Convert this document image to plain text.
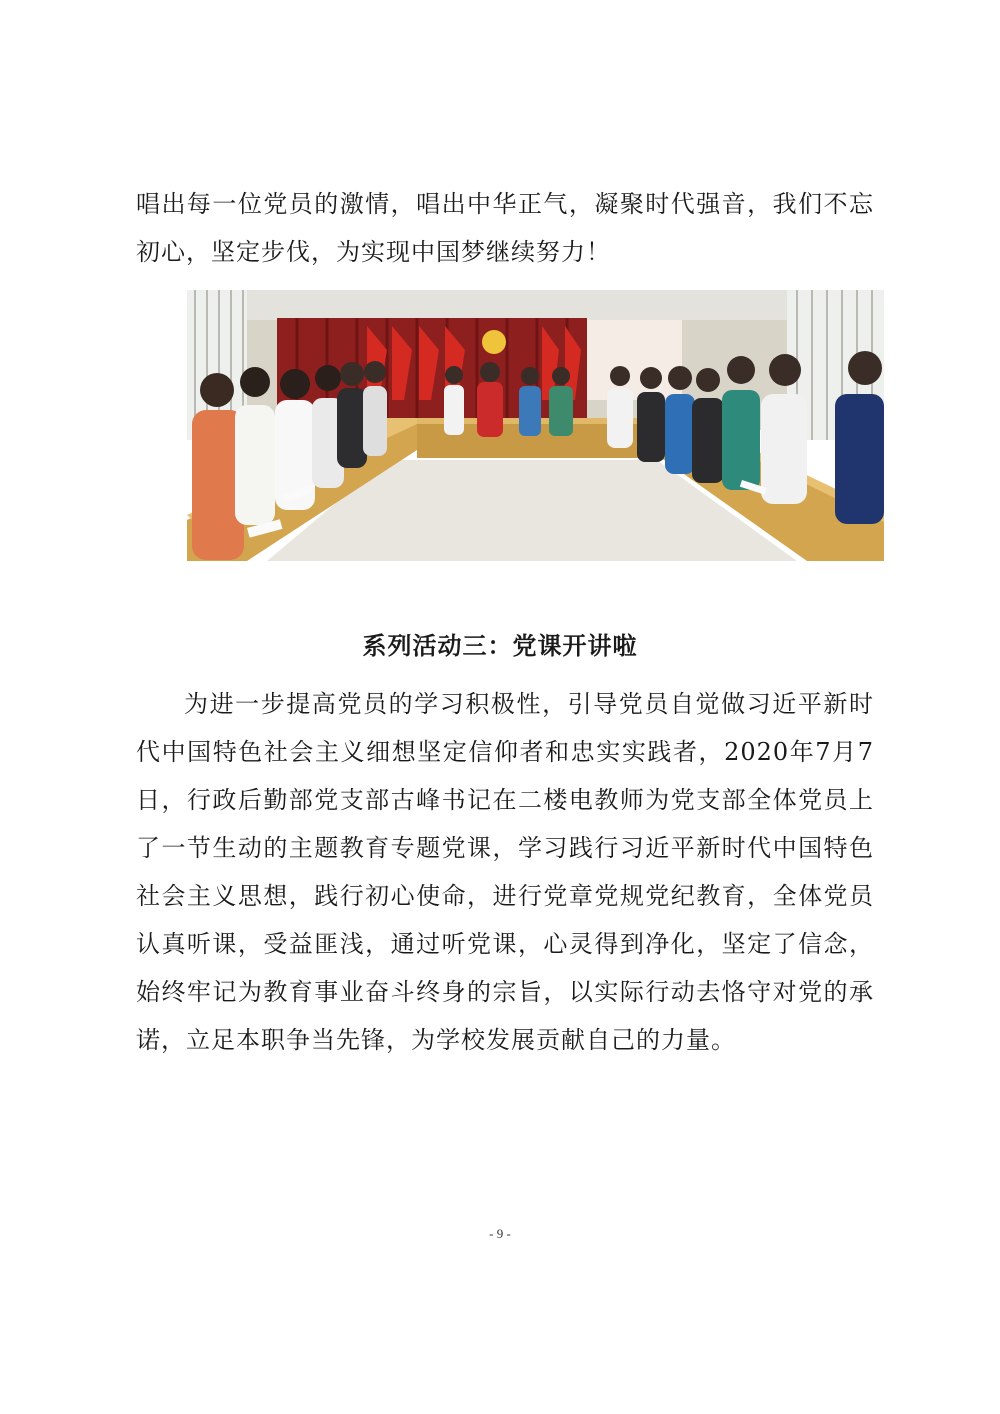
唱出每一位党员的激情，唱出中华正气，凝聚时代强音，我们不忘初心，坚定步伐，为实现中国梦继续努力！

系列活动三：党课开讲啦

为进一步提高党员的学习积极性，引导党员自觉做习近平新时代中国特色社会主义细想坚定信仰者和忠实实践者，2020年7月7日，行政后勤部党支部古峰书记在二楼电教师为党支部全体党员上了一节生动的主题教育专题党课，学习践行习近平新时代中国特色社会主义思想，践行初心使命，进行党章党规党纪教育，全体党员认真听课，受益匪浅，通过听党课，心灵得到净化，坚定了信念，始终牢记为教育事业奋斗终身的宗旨，以实际行动去恪守对党的承诺，立足本职争当先锋，为学校发展贡献自己的力量。

- 9 -
